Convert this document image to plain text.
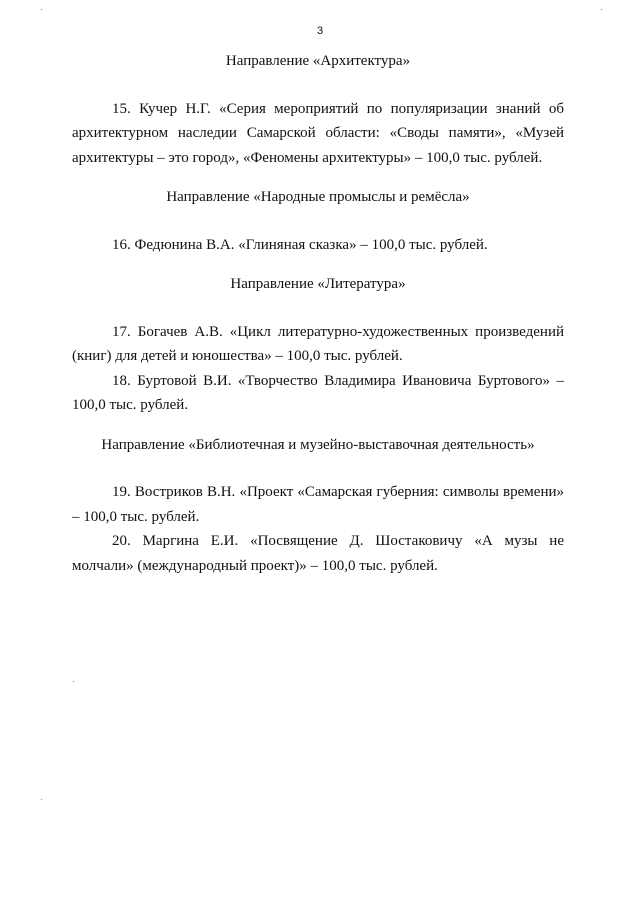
3
Направление «Архитектура»
15. Кучер Н.Г. «Серия мероприятий по популяризации знаний об архитектурном наследии Самарской области: «Своды памяти», «Музей архитектуры – это город», «Феномены архитектуры» – 100,0 тыс. рублей.
Направление «Народные промыслы и ремёсла»
16. Федюнина В.А. «Глиняная сказка» – 100,0 тыс. рублей.
Направление «Литература»
17. Богачев А.В. «Цикл литературно-художественных произведений (книг) для детей и юношества» – 100,0 тыс. рублей.
18. Буртовой В.И. «Творчество Владимира Ивановича Буртового» – 100,0 тыс. рублей.
Направление «Библиотечная и музейно-выставочная деятельность»
19. Востриков В.Н. «Проект «Самарская губерния: символы времени» – 100,0 тыс. рублей.
20. Маргина Е.И. «Посвящение Д. Шостаковичу «А музы не молчали» (международный проект)» – 100,0 тыс. рублей.
·	·
·
·
